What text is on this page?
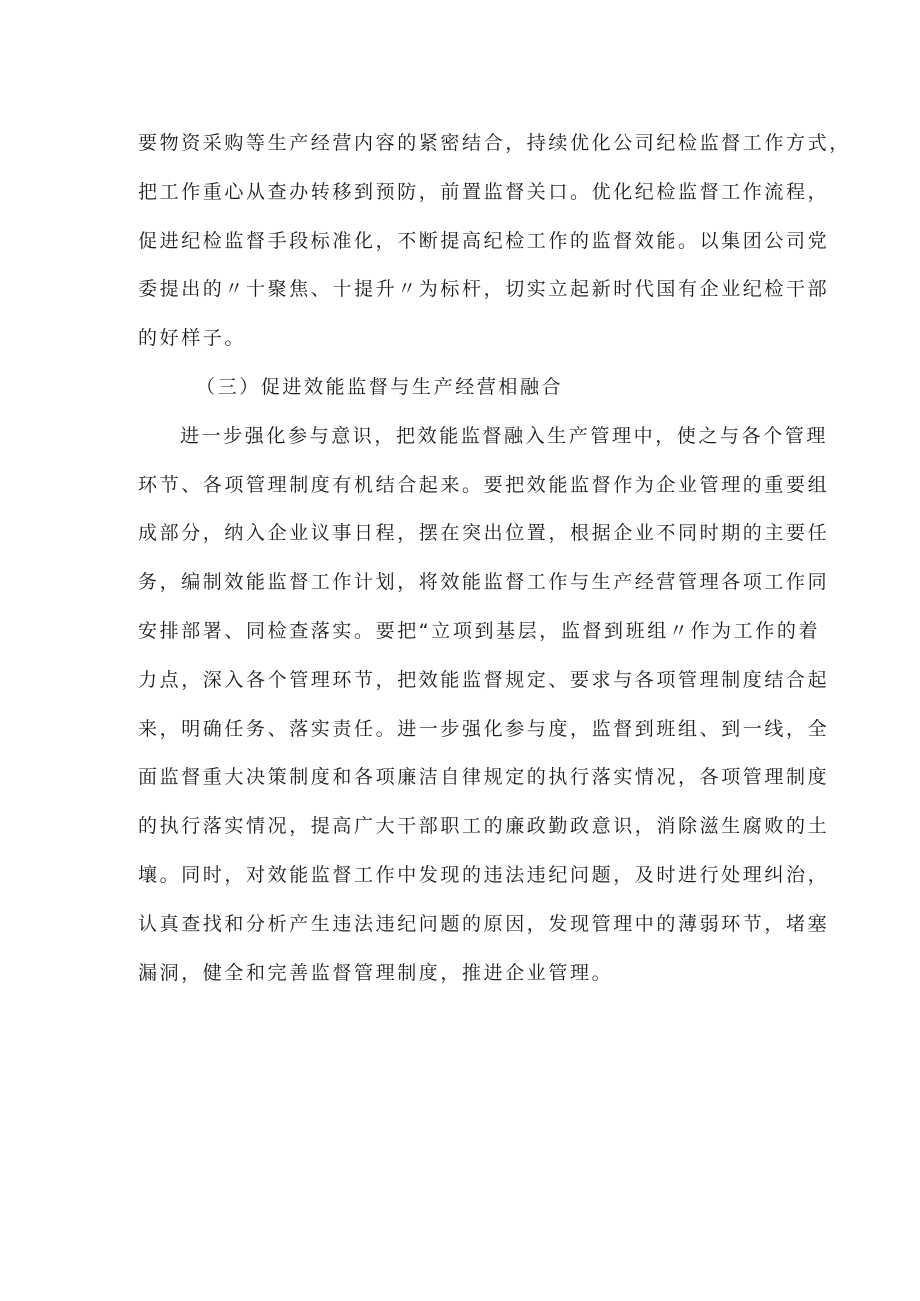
要物资采购等生产经营内容的紧密结合，持续优化公司纪检监督工作方式，
把工作重心从查办转移到预防，前置监督关口。优化纪检监督工作流程，
促进纪检监督手段标准化，不断提高纪检工作的监督效能。以集团公司党
委提出的〃十聚焦、十提升〃为标杆，切实立起新时代国有企业纪检干部
的好样子。
（三）促进效能监督与生产经营相融合
进一步强化参与意识，把效能监督融入生产管理中，使之与各个管理
环节、各项管理制度有机结合起来。要把效能监督作为企业管理的重要组
成部分，纳入企业议事日程，摆在突出位置，根据企业不同时期的主要任
务，编制效能监督工作计划，将效能监督工作与生产经营管理各项工作同
安排部署、同检查落实。要把“立项到基层，监督到班组〃作为工作的着
力点，深入各个管理环节，把效能监督规定、要求与各项管理制度结合起
来，明确任务、落实责任。进一步强化参与度，监督到班组、到一线，全
面监督重大决策制度和各项廉洁自律规定的执行落实情况，各项管理制度
的执行落实情况，提高广大干部职工的廉政勤政意识，消除滋生腐败的土
壤。同时，对效能监督工作中发现的违法违纪问题，及时进行处理纠治，
认真查找和分析产生违法违纪问题的原因，发现管理中的薄弱环节，堵塞
漏洞，健全和完善监督管理制度，推进企业管理。
